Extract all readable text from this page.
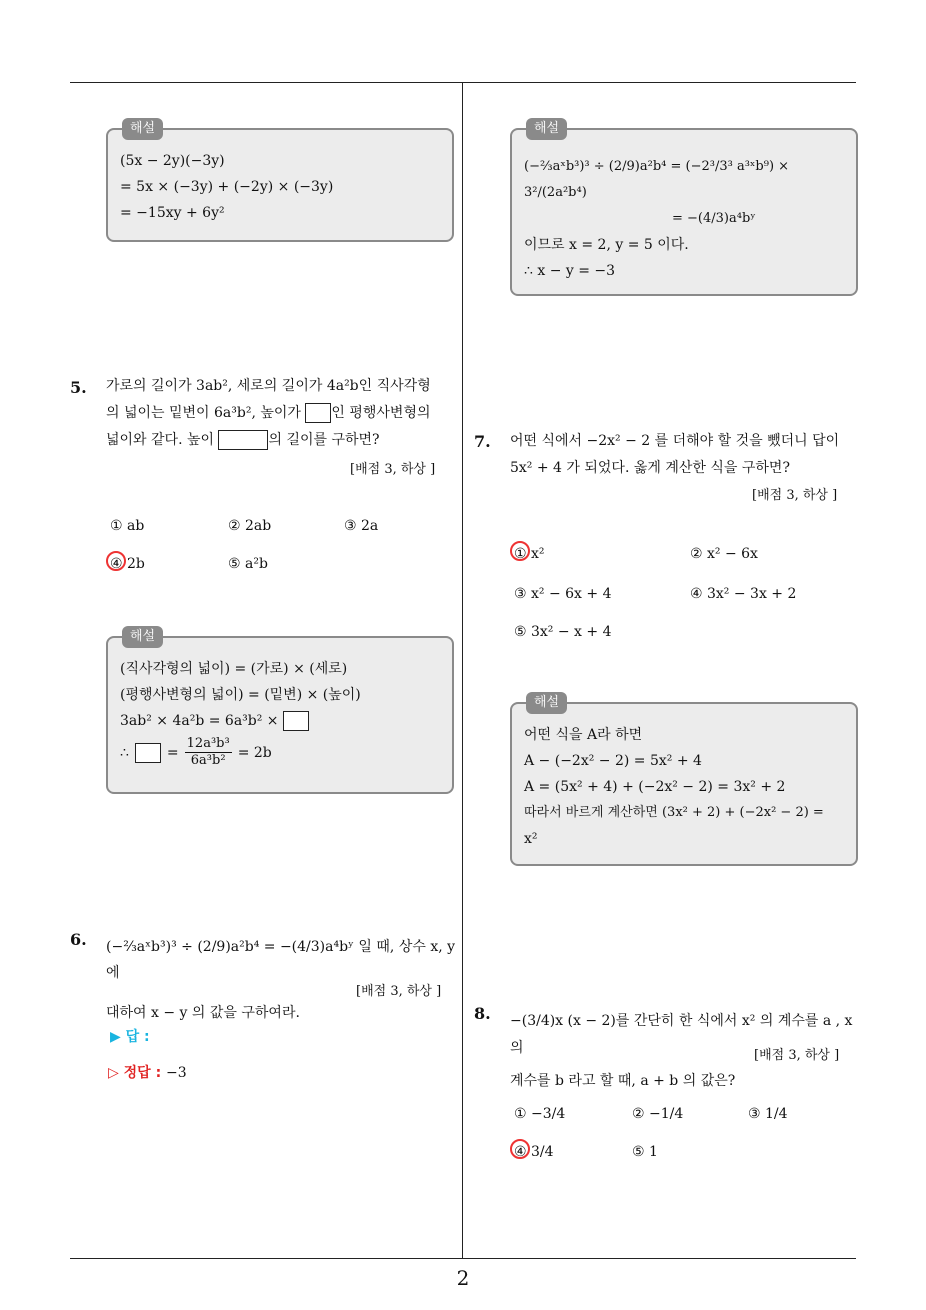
해설
(5x − 2y)(−3y)
= 5x × (−3y) + (−2y) × (−3y)
= −15xy + 6y²
5. 가로의 길이가 3ab², 세로의 길이가 4a²b인 직사각형
의 넓이는 밑변이 6a³b², 높이가 인 평행사변형의
넓이와 같다. 높이	의 길이를 구하면?
[배점 3, 하상 ]
① ab	② 2ab	③ 2a
④ 2b	⑤ a²b
해설
(직사각형의 넓이) = (가로) × (세로)
(평행사변형의 넓이) = (밑변) × (높이)
3ab² × 4a²b = 6a³b² ×
∴	= $\frac{\text{12a³b³}}{\text{6a³b²}} = 2b$
6. (−⅔aˣb³)³ ÷ (2/9)a²b⁴ = −(4/3)a⁴bʸ 일 때, 상수 x, y 에
대하여 x − y 의 값을 구하여라.
[배점 3, 하상 ]
▶ 답 :
▷ 정답 : −3
해설
(−⅔aˣb³)³ ÷ (2/9)a²b⁴ = (−2³/3³ a³ˣb⁹) × 3²/(2a²b⁴)
= −(4/3)a⁴bʸ
이므로 x = 2, y = 5 이다.
∴ x − y = −3
7. 어떤 식에서 −2x² − 2 를 더해야 할 것을 뺐더니 답이
5x² + 4 가 되었다. 옳게 계산한 식을 구하면?
[배점 3, 하상 ]
① x²	② x² − 6x
③ x² − 6x + 4	④ 3x² − 3x + 2
⑤ 3x² − x + 4
해설
어떤 식을 A라 하면
A − (−2x² − 2) = 5x² + 4
A = (5x² + 4) + (−2x² − 2) = 3x² + 2
따라서 바르게 계산하면 (3x² + 2) + (−2x² − 2) =
x²
8. −(3/4)x (x − 2)를 간단히 한 식에서 x² 의 계수를 a , x의
계수를 b 라고 할 때, a + b 의 값은?
[배점 3, 하상 ]
① −3/4	② −1/4	③ 1/4
④ 3/4	⑤ 1
2
